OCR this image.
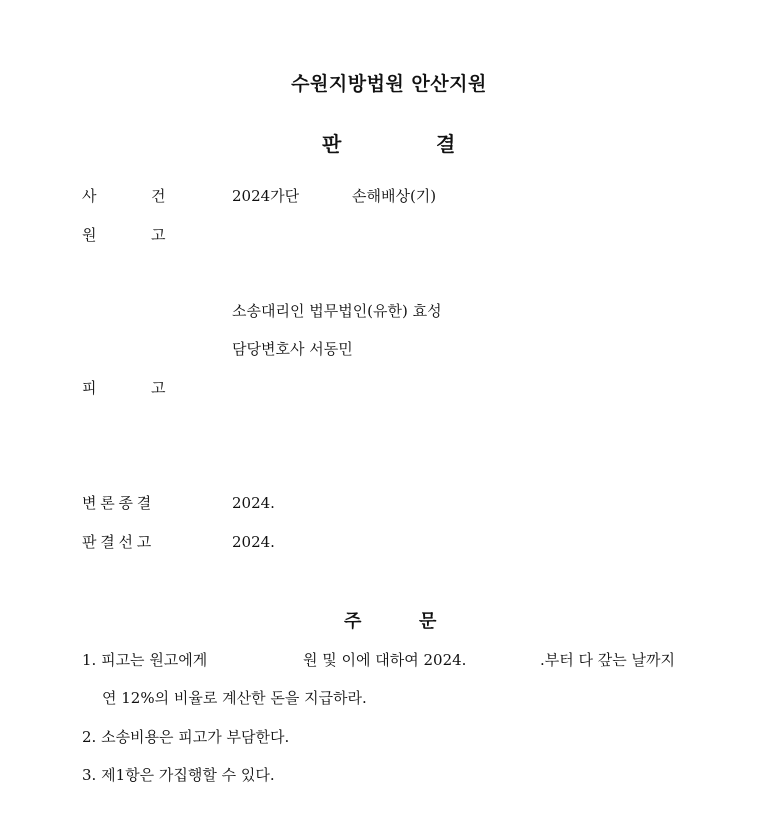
수원지방법원 안산지원
판	결
사	건	2024가단	손해배상(기)
원	고
소송대리인 법무법인(유한) 효성
담당변호사 서동민
피	고
변 론 종 결	2024.
판 결 선 고	2024.
주	문
1. 피고는 원고에게	원 및 이에 대하여 2024.	.부터 다 갚는 날까지
연 12%의 비율로 계산한 돈을 지급하라.
2. 소송비용은 피고가 부담한다.
3. 제1항은 가집행할 수 있다.
